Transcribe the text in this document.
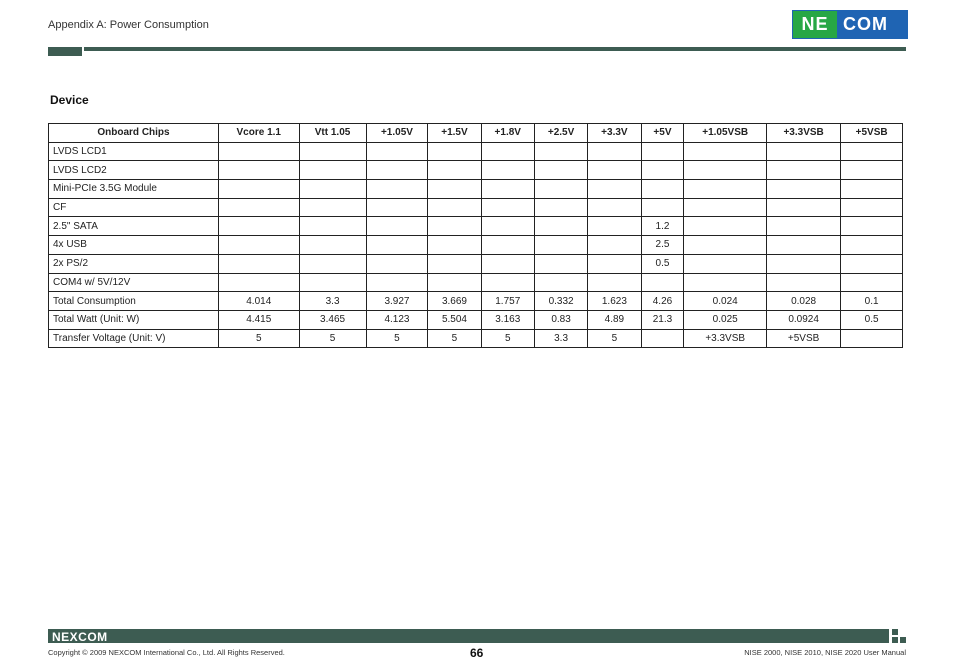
Appendix A: Power Consumption	NE COM
Device
Onboard Chips	Vcore 1.1	Vtt 1.05	+1.05V	+1.5V	+1.8V	+2.5V	+3.3V	+5V	+1.05VSB	+3.3VSB	+5VSB
LVDS LCD1											
LVDS LCD2											
Mini-PCIe 3.5G Module											
CF											
2.5" SATA								1.2			
4x USB								2.5			
2x PS/2								0.5			
COM4 w/ 5V/12V											
Total Consumption	4.014	3.3	3.927	3.669	1.757	0.332	1.623	4.26	0.024	0.028	0.1
Total Watt (Unit: W)	4.415	3.465	4.123	5.504	3.163	0.83	4.89	21.3	0.025	0.0924	0.5
Transfer Voltage (Unit: V)	5	5	5	5	5	3.3	5		+3.3VSB	+5VSB	
NEXCOM
Copyright © 2009 NEXCOM International Co., Ltd. All Rights Reserved.	66	NISE 2000, NISE 2010, NISE 2020 User Manual
